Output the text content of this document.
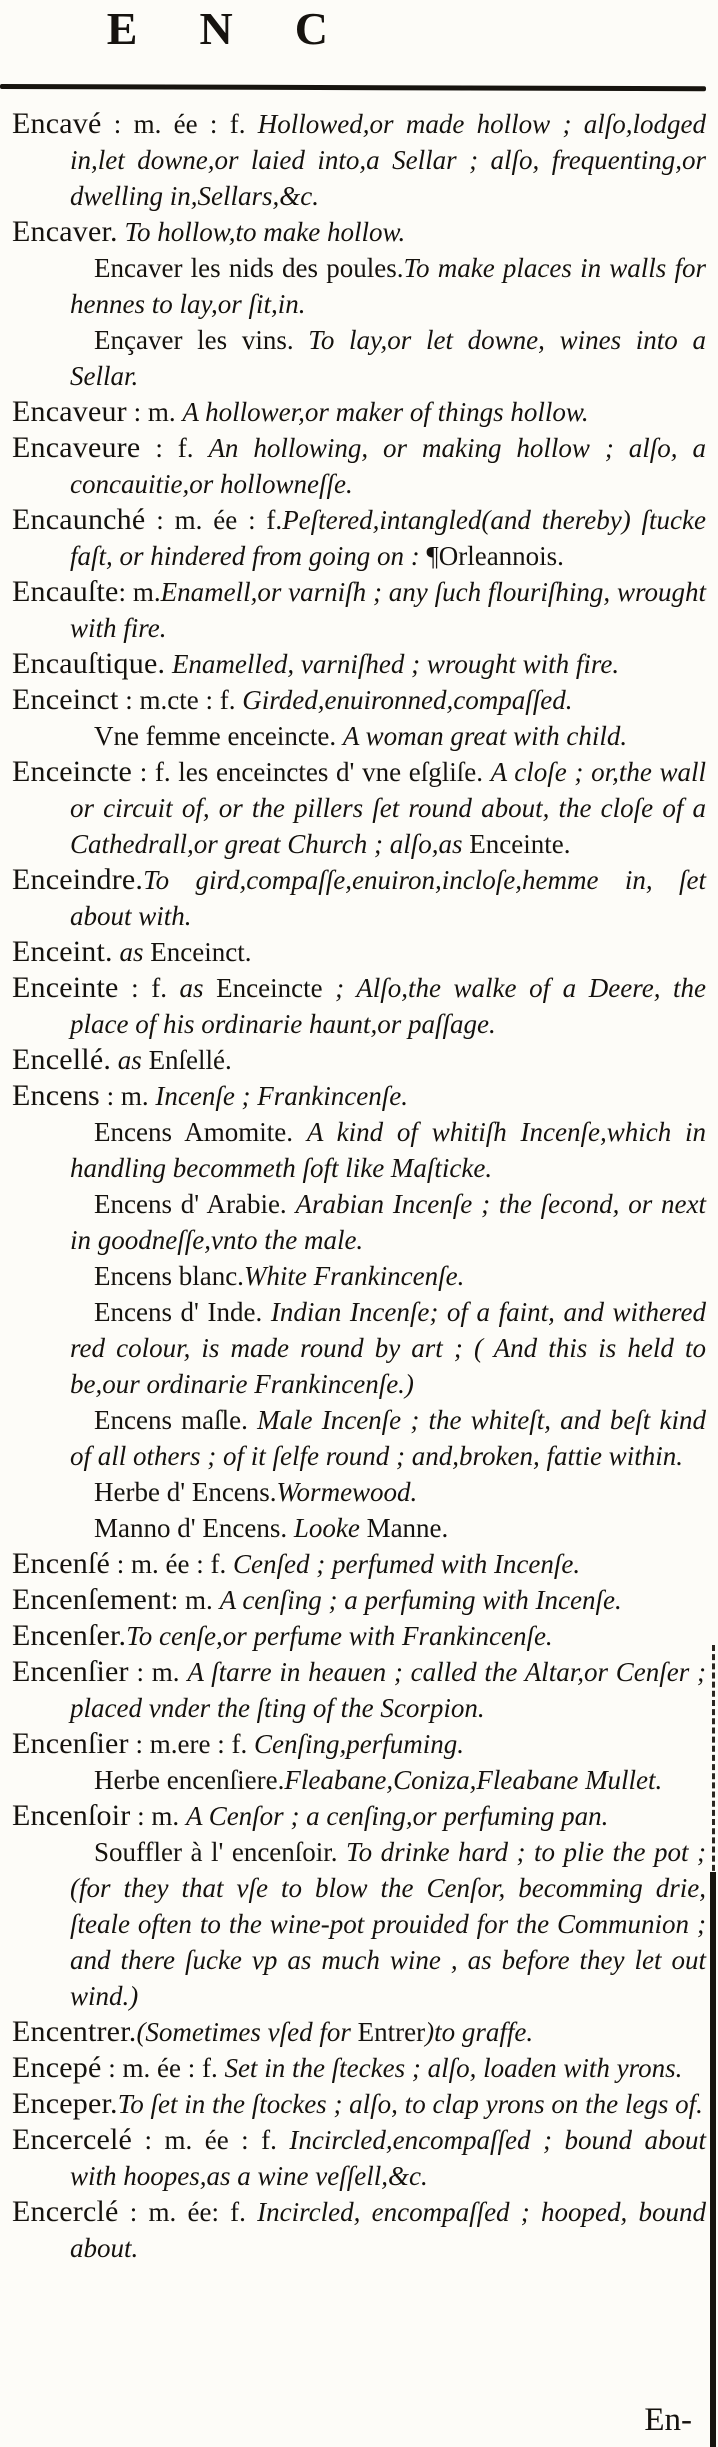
E N C
Encavé : m. ée : f. Hollowed,or made hollow ; alſo,lodged in,let downe,or laied into,a Sellar ; alſo, frequenting,or dwelling in,Sellars,&c.
Encaver. To hollow,to make hollow.
Encaver les nids des poules.To make places in walls for hennes to lay,or ſit,in.
Ençaver les vins. To lay,or let downe, wines into a Sellar.
Encaveur : m. A hollower,or maker of things hollow.
Encaveure : f. An hollowing, or making hollow ; alſo, a concauitie,or hollowneſſe.
Encaunché : m. ée : f.Peſtered,intangled(and thereby) ſtucke faſt, or hindered from going on : ¶Orleannois.
Encauſte: m.Enamell,or varniſh ; any ſuch flouriſhing, wrought with fire.
Encauſtique. Enamelled, varniſhed ; wrought with fire.
Enceinct : m.cte : f. Girded,enuironned,compaſſed.
Vne femme enceincte. A woman great with child.
Enceincte : f. les enceinctes d' vne eſgliſe. A cloſe ; or,the wall or circuit of, or the pillers ſet round about, the cloſe of a Cathedrall,or great Church ; alſo,as Enceinte.
Enceindre.To gird,compaſſe,enuiron,incloſe,hemme in, ſet about with.
Enceint. as Enceinct.
Enceinte : f. as Enceincte ; Alſo,the walke of a Deere, the place of his ordinarie haunt,or paſſage.
Encellé. as Enſellé.
Encens : m. Incenſe ; Frankincenſe.
Encens Amomite. A kind of whitiſh Incenſe,which in handling becommeth ſoft like Maſticke.
Encens d' Arabie. Arabian Incenſe ; the ſecond, or next in goodneſſe,vnto the male.
Encens blanc.White Frankincenſe.
Encens d' Inde. Indian Incenſe; of a faint, and withered red colour, is made round by art ; ( And this is held to be,our ordinarie Frankincenſe.)
Encens maſle. Male Incenſe ; the whiteſt, and beſt kind of all others ; of it ſelfe round ; and,broken, fattie within.
Herbe d' Encens.Wormewood.
Manno d' Encens. Looke Manne.
Encenſé : m. ée : f. Cenſed ; perfumed with Incenſe.
Encenſement: m. A cenſing ; a perfuming with Incenſe.
Encenſer.To cenſe,or perfume with Frankincenſe.
Encenſier : m. A ſtarre in heauen ; called the Altar,or Cenſer ; placed vnder the ſting of the Scorpion.
Encenſier : m.ere : f. Cenſing,perfuming.
Herbe encenſiere.Fleabane,Coniza,Fleabane Mullet.
Encenſoir : m. A Cenſor ; a cenſing,or perfuming pan.
Souffler à l' encenſoir. To drinke hard ; to plie the pot ; (for they that vſe to blow the Cenſor, becomming drie, ſteale often to the wine-pot prouided for the Communion ; and there ſucke vp as much wine , as before they let out wind.)
Encentrer.(Sometimes vſed for Entrer)to graffe.
Encepé : m. ée : f. Set in the ſteckes ; alſo, loaden with yrons.
Enceper.To ſet in the ſtockes ; alſo, to clap yrons on the legs of.
Encercelé : m. ée : f. Incircled,encompaſſed ; bound about with hoopes,as a wine veſſell,&c.
Encerclé : m. ée: f. Incircled, encompaſſed ; hooped, bound about.
En-
